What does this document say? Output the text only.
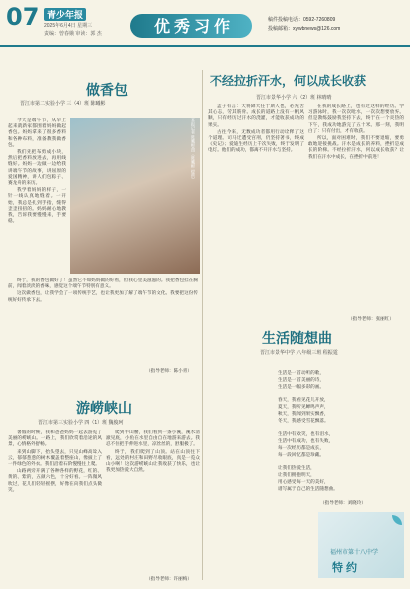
07 青少年报
2025年6月4日 星期三
责编：曾春娥 审读：郭 杰	优秀习作	稿件投稿电话：0592-7260809
投稿邮箱：xywbnews@126.com
做香包
晋江市第二实验小学 三（4）班 陈曦彬
本报记者 陈曦彬/图（陈曦彬 提供）

今天是端午节，从早上起来就新家都围着妈妈做起香包。妈妈拿来了很多香料和各种布料，准备教我做香包。

我们先把布剪成小块，然后把香料放进去，再用线缝好。妈妈一边做一边给我讲端午节的故事，讲屈原的爱国精神，讲人们包粽子、赛龙舟的来历。

我学着妈妈的样子，一针一线认真地缝着。一开始，我总是扎到手指，缝得歪歪扭扭的。妈妈耐心地教我，告诉我要慢慢来，手要稳。

终于，我的香包做好了！虽然它不如妈妈做的好看，但我心里美滋滋的。我把香包挂在胸前，闻着淡淡的香味，感觉这个端午节特别有意义。

这次做香包，让我学会了一项传统手艺，也让我更加了解了端午节的文化。我要把这份传统好好传承下去。

（指导老师：陈小青）
游崂峡山
晋江市第三实验小学 四（1）班 魏俊珂

暑假的时候，我和爸爸妈妈一起去游览了美丽的崂峡山。一路上，我们欣赏着沿途的风景，心情格外舒畅。

来到山脚下，抬头望去，只见山峰高耸入云，郁郁葱葱的树木覆盖着整座山，像披上了一件绿色的外衣。我们沿着石阶慢慢往上爬。

山路两旁开满了各种各样的野花，红的、黄的、紫的，五颜六色，十分好看。一阵微风吹过，花儿们轻轻摇摆，好像在向我们点头微笑。

爬到半山腰，我们看到一条小溪，溪水清澈见底，小鱼在水里自由自在地游来游去。我忍不住把手伸进水里，凉丝丝的，舒服极了。

终于，我们爬到了山顶。站在山顶往下看，远处的村庄和田野尽收眼底，真是一览众山小啊！这次游崂峡山让我收获了快乐，也让我更加热爱大自然。

（指导老师：许丽梅）
不经拉折汗水，何以成长收获
晋江市景华小学 六（2）班 林晴晴

孟子有言：天将降大任于斯人也，必先苦其心志，劳其筋骨。成长的道路上没有一帆风顺，只有经历过汗水的浇灌，才能收获成功的果实。

古往今来，无数成功者都用行动诠释了这个道理。司马迁遭受宫刑，仍坚持著书，终成《史记》；爱迪生经历上千次失败，终于发明了电灯。他们的成功，都离不开汗水与坚持。

在我的成长路上，也有过这样的经历。学习游泳时，我一次次呛水，一次次想要放弃。但是教练鼓励我坚持下去，终于在一个炎热的下午，我成功地游完了五十米。那一刻，我明白了：只有付出，才有收获。

所以，面对困难时，我们不要退缩，要勇敢地迎接挑战。汗水是成长的养料，挫折是成长的阶梯。不经拉折汗水，何以成长收获？让我们在汗水中成长，在挫折中前进！

（指导老师：张丽红）
生活随想曲
晋江市景华中学 八年级三班 程振霆
生活是一首动听的歌，
生活是一首美丽的诗，
生活是一幅多彩的画。
春天，我看见花儿开放，
夏天，我听见蝉鸣声声，
秋天，我闻到果实飘香，
冬天，我感受雪花飘落。
生活中有欢笑，也有泪水，
生活中有成功，也有失败，
每一次经历都是成长，
每一段回忆都是珍藏。
让我们热爱生活，
让我们拥抱明天，
用心感受每一天的美好，
谱写属于自己的生活随想曲。
（指导老师：刘晓玲）
福州市第十八中学
特约
